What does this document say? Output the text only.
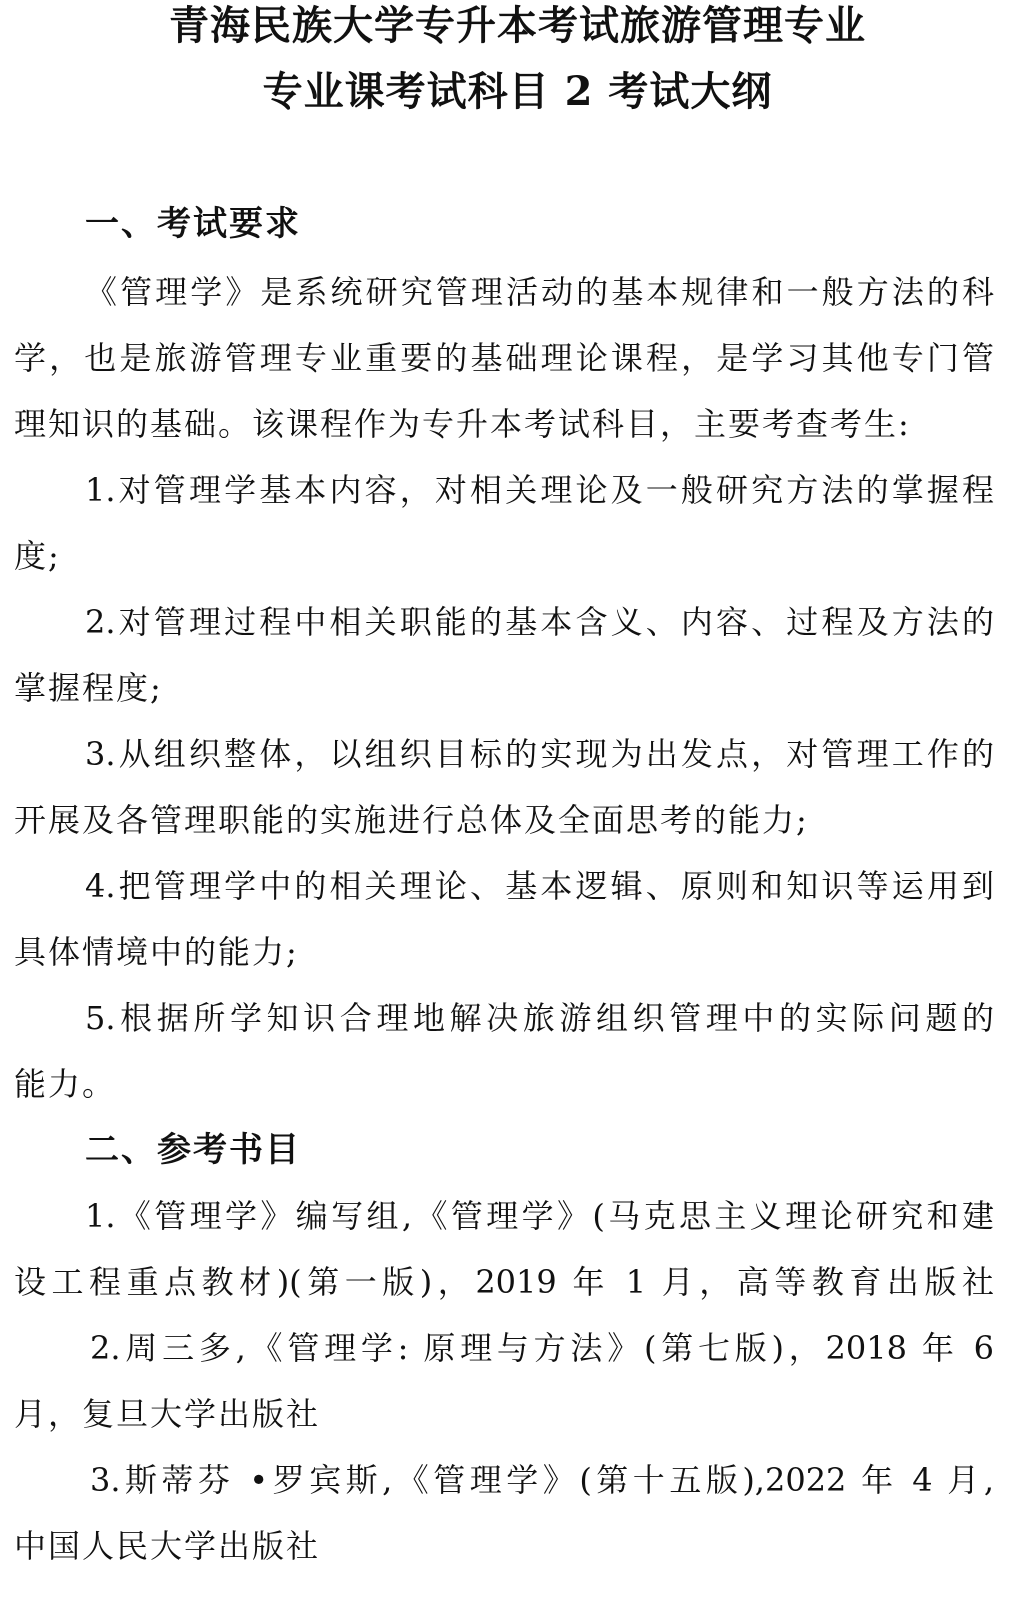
青海民族大学专升本考试旅游管理专业
专业课考试科目 2 考试大纲
一、考试要求
《管理学》是系统研究管理活动的基本规律和一般方法的科
学，也是旅游管理专业重要的基础理论课程，是学习其他专门管
理知识的基础。该课程作为专升本考试科目，主要考查考生:
1.对管理学基本内容，对相关理论及一般研究方法的掌握程
度;
2.对管理过程中相关职能的基本含义、内容、过程及方法的
掌握程度;
3.从组织整体，以组织目标的实现为出发点，对管理工作的
开展及各管理职能的实施进行总体及全面思考的能力;
4.把管理学中的相关理论、基本逻辑、原则和知识等运用到
具体情境中的能力;
5.根据所学知识合理地解决旅游组织管理中的实际问题的
能力。
二、参考书目
1.《管理学》编写组,《管理学》(马克思主义理论研究和建
设工程重点教材)(第一版)，2019 年 1 月，高等教育出版社
2.周三多,《管理学: 原理与方法》(第七版)，2018 年 6
月，复旦大学出版社
3.斯蒂芬 •罗宾斯,《管理学》(第十五版),2022 年 4 月,
中国人民大学出版社
